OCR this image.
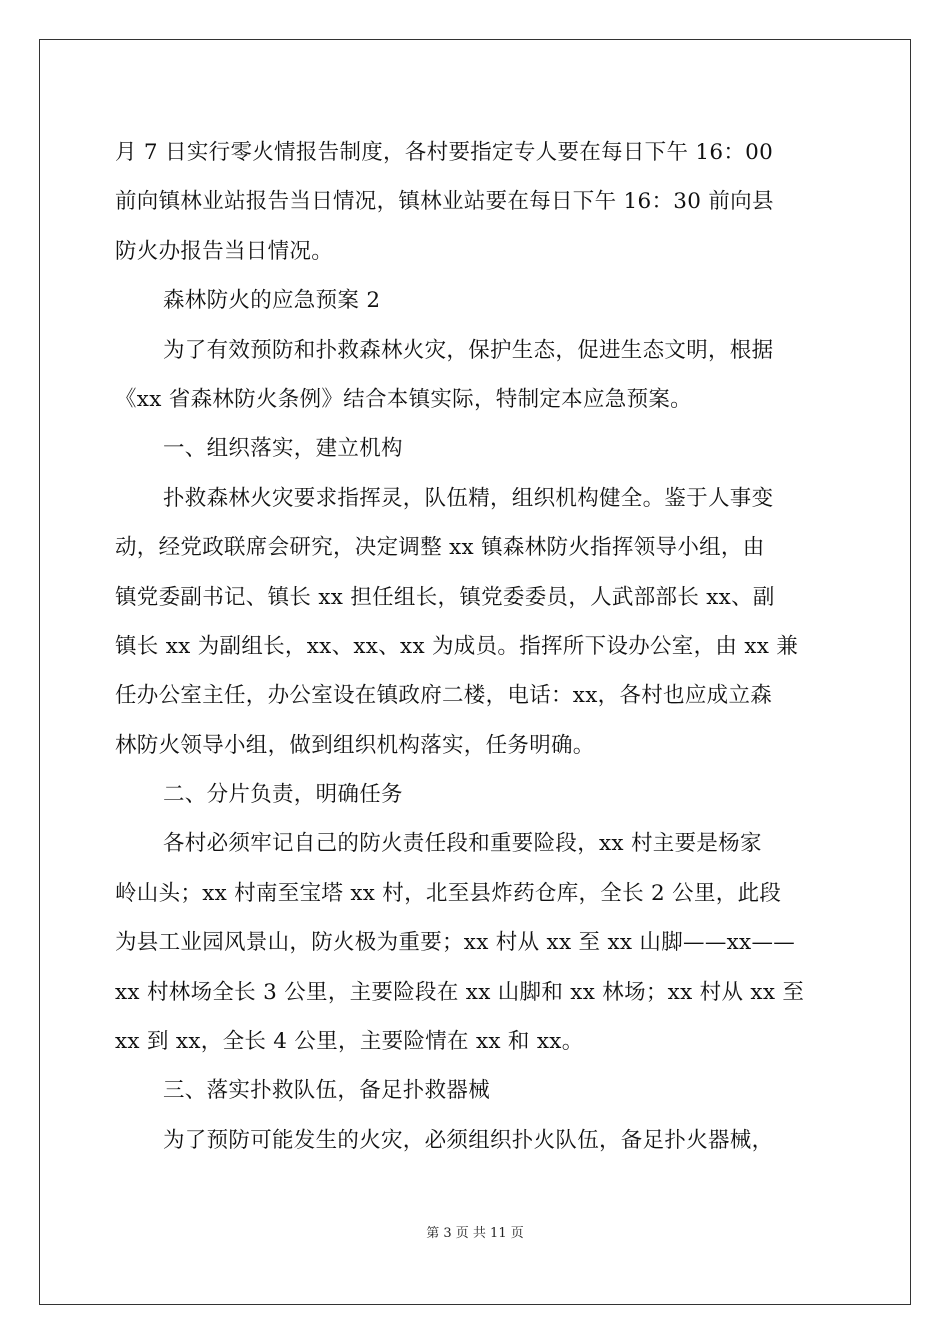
月 7 日实行零火情报告制度，各村要指定专人要在每日下午 16：00
前向镇林业站报告当日情况，镇林业站要在每日下午 16：30 前向县
防火办报告当日情况。
森林防火的应急预案 2
为了有效预防和扑救森林火灾，保护生态，促进生态文明，根据
《xx 省森林防火条例》结合本镇实际，特制定本应急预案。
一、组织落实，建立机构
扑救森林火灾要求指挥灵，队伍精，组织机构健全。鉴于人事变
动，经党政联席会研究，决定调整 xx 镇森林防火指挥领导小组，由
镇党委副书记、镇长 xx 担任组长，镇党委委员，人武部部长 xx、副
镇长 xx 为副组长，xx、xx、xx 为成员。指挥所下设办公室，由 xx 兼
任办公室主任，办公室设在镇政府二楼，电话：xx，各村也应成立森
林防火领导小组，做到组织机构落实，任务明确。
二、分片负责，明确任务
各村必须牢记自己的防火责任段和重要险段，xx 村主要是杨家
岭山头；xx 村南至宝塔 xx 村，北至县炸药仓库，全长 2 公里，此段
为县工业园风景山，防火极为重要；xx 村从 xx 至 xx 山脚——xx——
xx 村林场全长 3 公里，主要险段在 xx 山脚和 xx 林场；xx 村从 xx 至
xx 到 xx，全长 4 公里，主要险情在 xx 和 xx。
三、落实扑救队伍，备足扑救器械
为了预防可能发生的火灾，必须组织扑火队伍，备足扑火器械，
第 3 页 共 11 页
